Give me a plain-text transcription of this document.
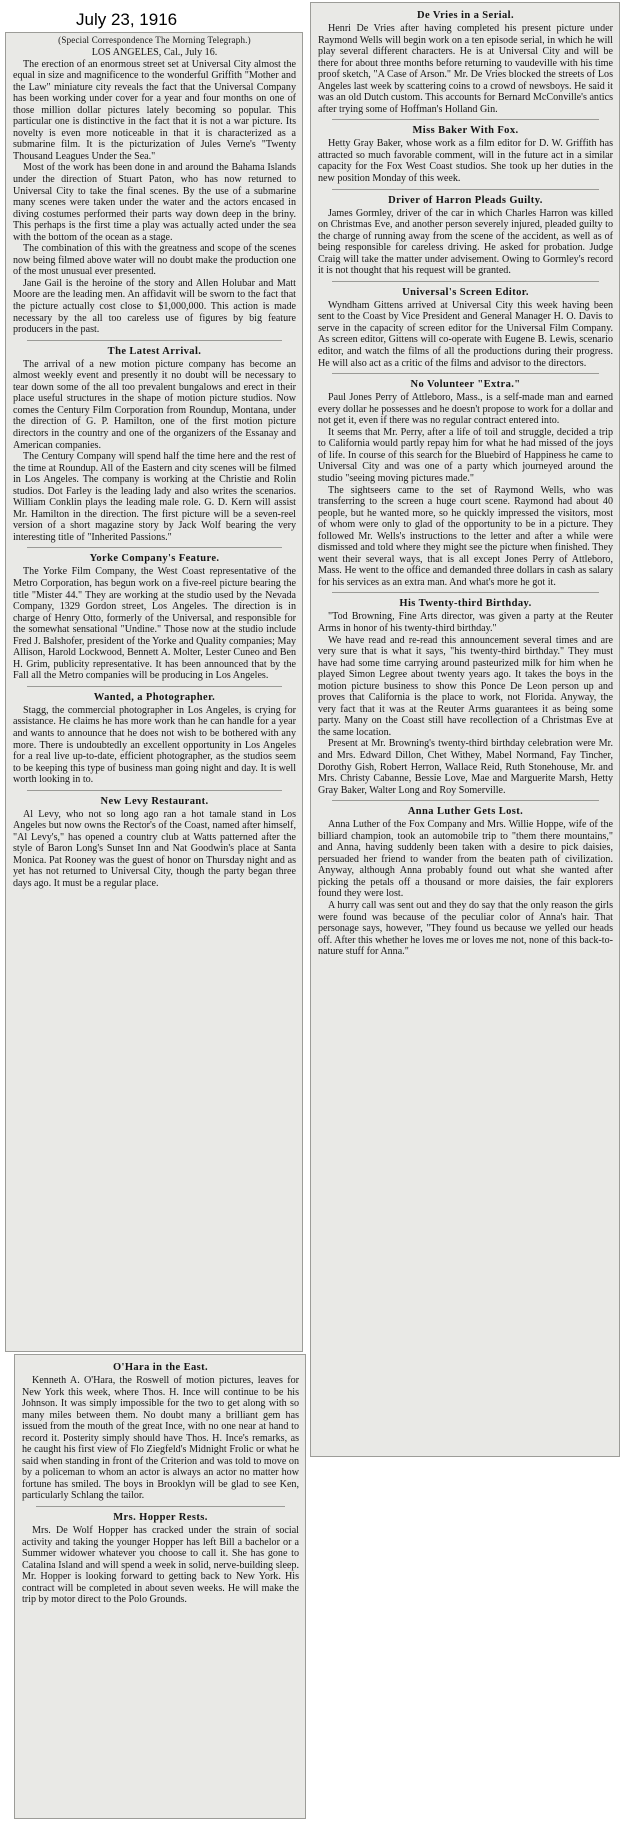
July 23, 1916
(Special Correspondence The Morning Telegraph.)

LOS ANGELES, Cal., July 16.

The erection of an enormous street set at Universal City almost the equal in size and magnificence to the wonderful Griffith "Mother and the Law" miniature city reveals the fact that the Universal Company has been working under cover for a year and four months on one of those million dollar pictures lately becoming so popular. This particular one is distinctive in the fact that it is not a war picture. Its novelty is even more noticeable in that it is characterized as a submarine film. It is the picturization of Jules Verne's "Twenty Thousand Leagues Under the Sea."

Most of the work has been done in and around the Bahama Islands under the direction of Stuart Paton, who has now returned to Universal City to take the final scenes. By the use of a submarine many scenes were taken under the water and the actors encased in diving costumes performed their parts way down deep in the briny. This perhaps is the first time a play was actually acted under the sea with the bottom of the ocean as a stage.

The combination of this with the greatness and scope of the scenes now being filmed above water will no doubt make the production one of the most unusual ever presented.

Jane Gail is the heroine of the story and Allen Holubar and Matt Moore are the leading men. An affidavit will be sworn to the fact that the picture actually cost close to $1,000,000. This action is made necessary by the all too careless use of figures by big feature producers in the past.

The Latest Arrival.

The arrival of a new motion picture company has become an almost weekly event and presently it no doubt will be necessary to tear down some of the all too prevalent bungalows and erect in their place useful structures in the shape of motion picture studios. Now comes the Century Film Corporation from Roundup, Montana, under the direction of G. P. Hamilton, one of the first motion picture directors in the country and one of the organizers of the Essanay and American companies.

The Century Company will spend half the time here and the rest of the time at Roundup. All of the Eastern and city scenes will be filmed in Los Angeles. The company is working at the Christie and Rolin studios. Dot Farley is the leading lady and also writes the scenarios. William Conklin plays the leading male role. G. D. Kern will assist Mr. Hamilton in the direction. The first picture will be a seven-reel version of a short magazine story by Jack Wolf bearing the very interesting title of "Inherited Passions."

Yorke Company's Feature.

The Yorke Film Company, the West Coast representative of the Metro Corporation, has begun work on a five-reel picture bearing the title "Mister 44." They are working at the studio used by the Nevada Company, 1329 Gordon street, Los Angeles. The direction is in charge of Henry Otto, formerly of the Universal, and responsible for the somewhat sensational "Undine." Those now at the studio include Fred J. Balshofer, president of the Yorke and Quality companies; May Allison, Harold Lockwood, Bennett A. Molter, Lester Cuneo and Ben H. Grim, publicity representative. It has been announced that by the Fall all the Metro companies will be producing in Los Angeles.

Wanted, a Photographer.

Stagg, the commercial photographer in Los Angeles, is crying for assistance. He claims he has more work than he can handle for a year and wants to announce that he does not wish to be bothered with any more. There is undoubtedly an excellent opportunity in Los Angeles for a real live up-to-date, efficient photographer, as the studios seem to be keeping this type of business man going night and day. It is well worth looking in to.

New Levy Restaurant.

Al Levy, who not so long ago ran a hot tamale stand in Los Angeles but now owns the Rector's of the Coast, named after himself, "Al Levy's," has opened a country club at Watts patterned after the style of Baron Long's Sunset Inn and Nat Goodwin's place at Santa Monica. Pat Rooney was the guest of honor on Thursday night and as yet has not returned to Universal City, though the party began three days ago. It must be a regular place.

O'Hara in the East.

Kenneth A. O'Hara, the Roswell of motion pictures, leaves for New York this week, where Thos. H. Ince will continue to be his Johnson. It was simply impossible for the two to get along with so many miles between them. No doubt many a brilliant gem has issued from the mouth of the great Ince, with no one near at hand to record it. Posterity simply should have Thos. H. Ince's remarks, as he caught his first view of Flo Ziegfeld's Midnight Frolic or what he said when standing in front of the Criterion and was told to move on by a policeman to whom an actor is always an actor no matter how fortune has smiled. The boys in Brooklyn will be glad to see Ken, particularly Schlang the tailor.

Mrs. Hopper Rests.

Mrs. De Wolf Hopper has cracked under the strain of social activity and taking the younger Hopper has left Bill a bachelor or a Summer widower whatever you choose to call it. She has gone to Catalina Island and will spend a week in solid, nerve-building sleep. Mr. Hopper is looking forward to getting back to New York. His contract will be completed in about seven weeks. He will make the trip by motor direct to the Polo Grounds.

De Vries in a Serial.

Henri De Vries after having completed his present picture under Raymond Wells will begin work on a ten episode serial, in which he will play several different characters. He is at Universal City and will be there for about three months before returning to vaudeville with his time proof sketch, "A Case of Arson." Mr. De Vries blocked the streets of Los Angeles last week by scattering coins to a crowd of newsboys. He said it was an old Dutch custom. This accounts for Bernard McConville's antics after trying some of Hoffman's Holland Gin.

Miss Baker With Fox.

Hetty Gray Baker, whose work as a film editor for D. W. Griffith has attracted so much favorable comment, will in the future act in a similar capacity for the Fox West Coast studios. She took up her duties in the new position Monday of this week.

Driver of Harron Pleads Guilty.

James Gormley, driver of the car in which Charles Harron was killed on Christmas Eve, and another person severely injured, pleaded guilty to the charge of running away from the scene of the accident, as well as of being responsible for careless driving. He asked for probation. Judge Craig will take the matter under advisement. Owing to Gormley's record it is not thought that his request will be granted.

Universal's Screen Editor.

Wyndham Gittens arrived at Universal City this week having been sent to the Coast by Vice President and General Manager H. O. Davis to serve in the capacity of screen editor for the Universal Film Company. As screen editor, Gittens will co-operate with Eugene B. Lewis, scenario editor, and watch the films of all the productions during their progress. He will also act as a critic of the films and advisor to the directors.

No Volunteer "Extra."

Paul Jones Perry of Attleboro, Mass., is a self-made man and earned every dollar he possesses and he doesn't propose to work for a dollar and not get it, even if there was no regular contract entered into.

It seems that Mr. Perry, after a life of toil and struggle, decided a trip to California would partly repay him for what he had missed of the joys of life. In course of this search for the Bluebird of Happiness he came to Universal City and was one of a party which journeyed around the studio "seeing moving pictures made."

The sightseers came to the set of Raymond Wells, who was transferring to the screen a huge court scene. Raymond had about 40 people, but he wanted more, so he quickly impressed the visitors, most of whom were only to glad of the opportunity to be in a picture. They followed Mr. Wells's instructions to the letter and after a while were dismissed and told where they might see the picture when finished. They went their several ways, that is all except Jones Perry of Attleboro, Mass. He went to the office and demanded three dollars in cash as salary for his services as an extra man. And what's more he got it.

His Twenty-third Birthday.

"Tod Browning, Fine Arts director, was given a party at the Reuter Arms in honor of his twenty-third birthday."

We have read and re-read this announcement several times and are very sure that is what it says, "his twenty-third birthday." They must have had some time carrying around pasteurized milk for him when he played Simon Legree about twenty years ago. It takes the boys in the motion picture business to show this Ponce De Leon person up and proves that California is the place to work, not Florida. Anyway, the very fact that it was at the Reuter Arms guarantees it as being some party. Many on the Coast still have recollection of a Christmas Eve at the same location.

Present at Mr. Browning's twenty-third birthday celebration were Mr. and Mrs. Edward Dillon, Chet Withey, Mabel Normand, Fay Tincher, Dorothy Gish, Robert Herron, Wallace Reid, Ruth Stonehouse, Mr. and Mrs. Christy Cabanne, Bessie Love, Mae and Marguerite Marsh, Hetty Gray Baker, Walter Long and Roy Somerville.

Anna Luther Gets Lost.

Anna Luther of the Fox Company and Mrs. Willie Hoppe, wife of the billiard champion, took an automobile trip to "them there mountains," and Anna, having suddenly been taken with a desire to pick daisies, persuaded her friend to wander from the beaten path of civilization. Anyway, although Anna probably found out what she wanted after picking the petals off a thousand or more daisies, the fair explorers found they were lost.

A hurry call was sent out and they do say that the only reason the girls were found was because of the peculiar color of Anna's hair. That personage says, however, "They found us because we yelled our heads off. After this whether he loves me or loves me not, none of this back-to-nature stuff for Anna."
